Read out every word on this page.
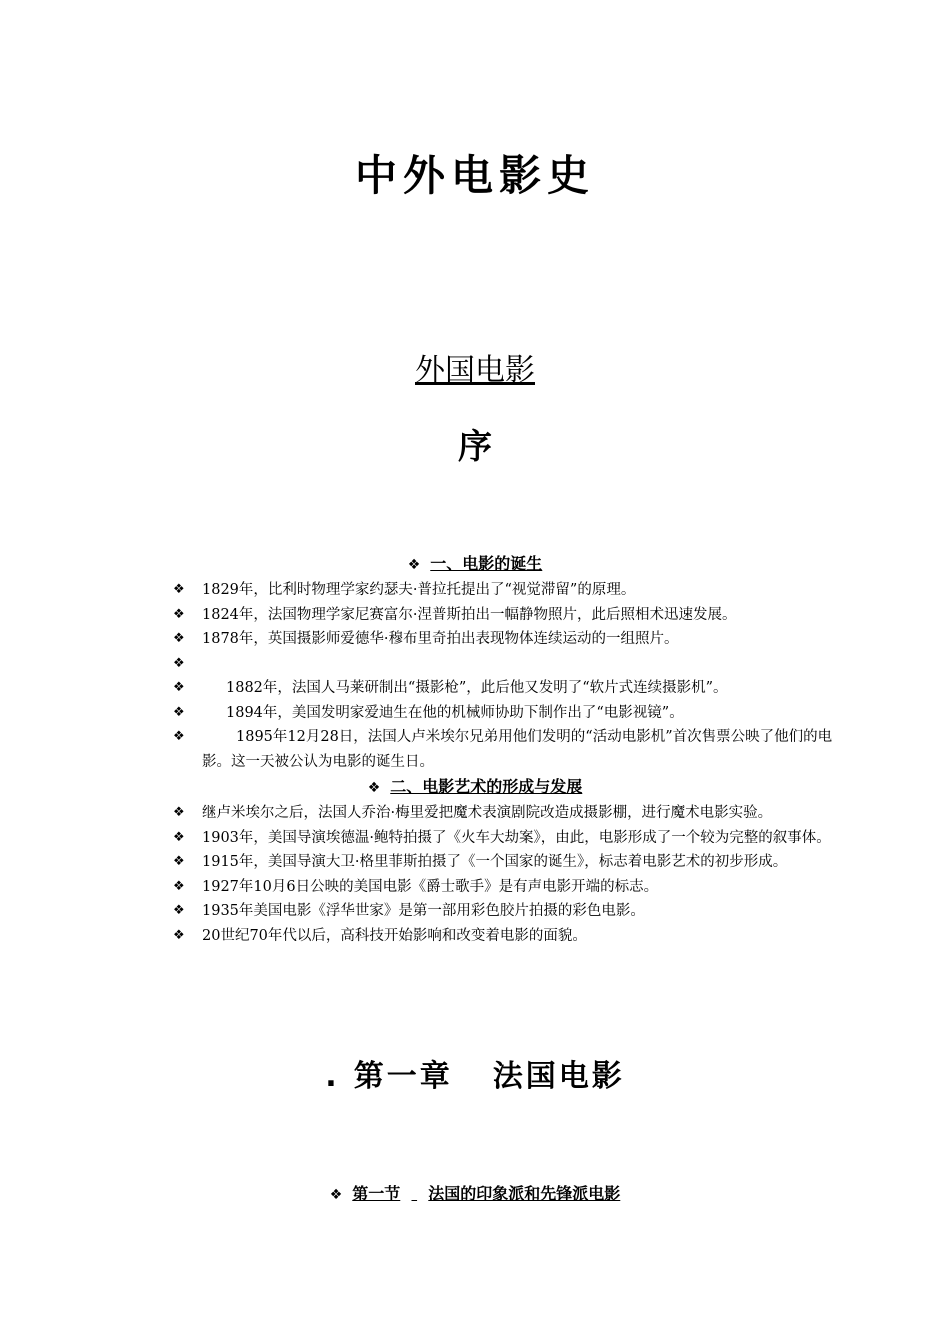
中外电影史
外国电影
序
❖ 一、电影的诞生
❖ 1829年，比利时物理学家约瑟夫·普拉托提出了“视觉滞留”的原理。
❖ 1824年，法国物理学家尼赛富尔·涅普斯拍出一幅静物照片，此后照相术迅速发展。
❖ 1878年，英国摄影师爱德华·穆布里奇拍出表现物体连续运动的一组照片。
❖

❖	1882年，法国人马莱研制出“摄影枪”，此后他又发明了“软片式连续摄影机”。
❖	1894年，美国发明家爱迪生在他的机械师协助下制作出了“电影视镜”。
❖	1895年12月28日，法国人卢米埃尔兄弟用他们发明的“活动电影机”首次售票公映了他们的电影。这一天被公认为电影的诞生日。
❖ 二、电影艺术的形成与发展
❖ 继卢米埃尔之后，法国人乔治·梅里爱把魔术表演剧院改造成摄影棚，进行魔术电影实验。
❖ 1903年，美国导演埃德温·鲍特拍摄了《火车大劫案》，由此，电影形成了一个较为完整的叙事体。
❖ 1915年，美国导演大卫·格里菲斯拍摄了《一个国家的诞生》，标志着电影艺术的初步形成。
❖ 1927年10月6日公映的美国电影《爵士歌手》是有声电影开端的标志。
❖ 1935年美国电影《浮华世家》是第一部用彩色胶片拍摄的彩色电影。
❖ 20世纪70年代以后，高科技开始影响和改变着电影的面貌。
. 第一章 法国电影
❖ 第一节 法国的印象派和先锋派电影
